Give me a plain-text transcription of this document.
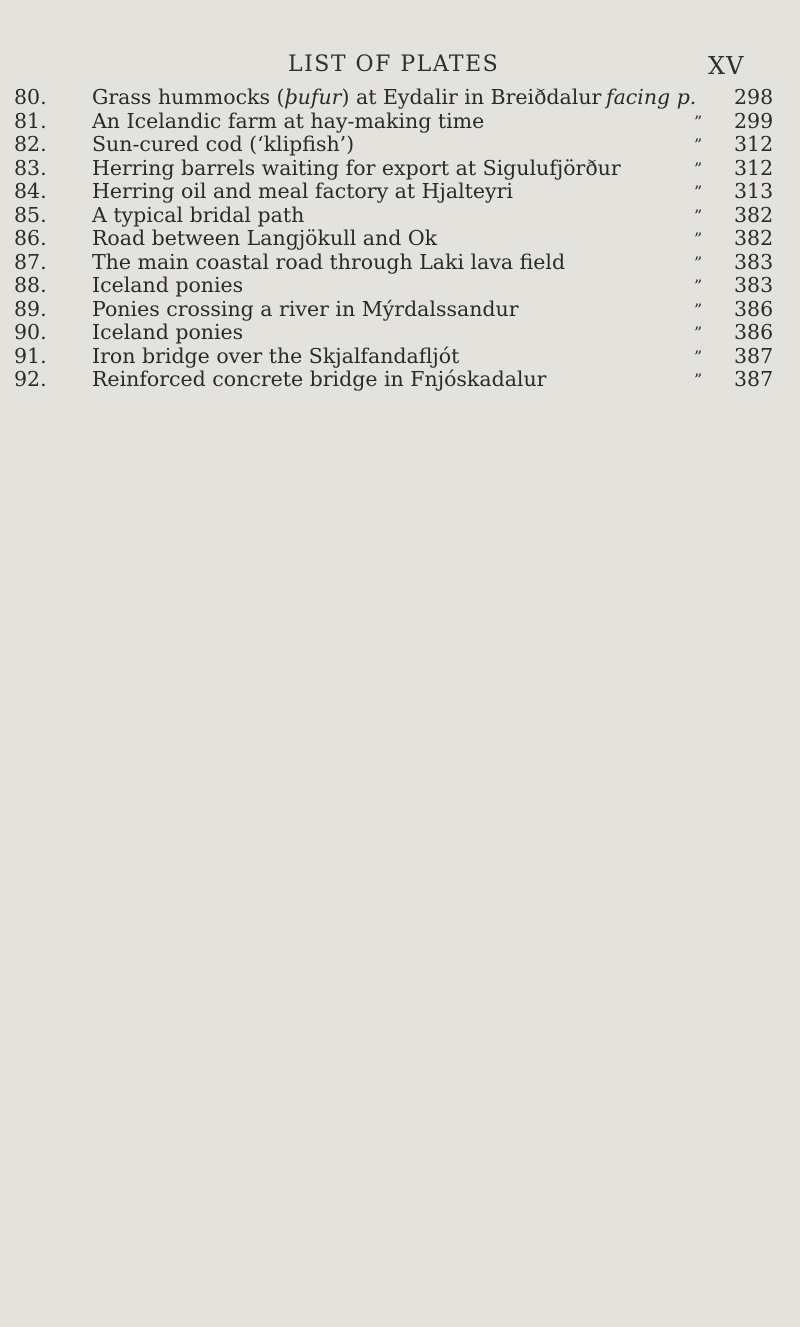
LIST OF PLATES	XV
80. Grass hummocks (þufur) at Eydalir in Breiðdalur facing p. 298
81. An Icelandic farm at hay-making time	” 299
82. Sun-cured cod (‘klipfish’)	” 312
83. Herring barrels waiting for export at Sigulufjörður	” 312
84. Herring oil and meal factory at Hjalteyri	” 313
85. A typical bridal path	” 382
86. Road between Langjökull and Ok	” 382
87. The main coastal road through Laki lava field	” 383
88. Iceland ponies	” 383
89. Ponies crossing a river in Mýrdalssandur	” 386
90. Iceland ponies	” 386
91. Iron bridge over the Skjalfandafljót	” 387
92. Reinforced concrete bridge in Fnjóskadalur	” 387
